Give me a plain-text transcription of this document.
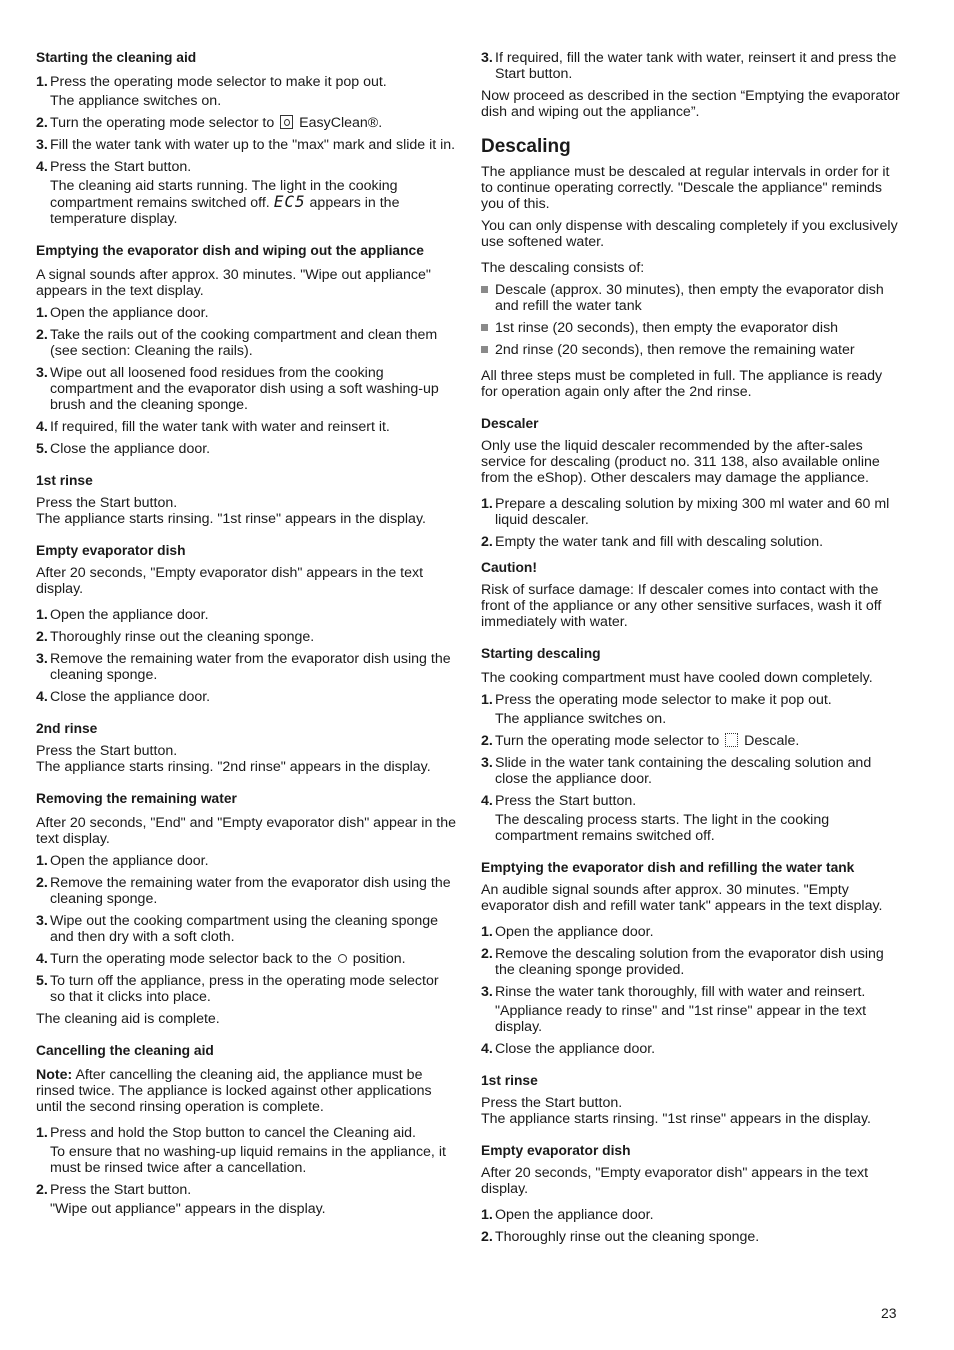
Starting the cleaning aid
1. Press the operating mode selector to make it pop out.
The appliance switches on.
2. Turn the operating mode selector to EasyClean®.
3. Fill the water tank with water up to the "max" mark and slide it in.
4. Press the Start button.
The cleaning aid starts running. The light in the cooking compartment remains switched off. EC5 appears in the temperature display.
Emptying the evaporator dish and wiping out the appliance

A signal sounds after approx. 30 minutes. "Wipe out appliance" appears in the text display.

1. Open the appliance door.
2. Take the rails out of the cooking compartment and clean them (see section: Cleaning the rails).
3. Wipe out all loosened food residues from the cooking compartment and the evaporator dish using a soft washing-up brush and the cleaning sponge.
4. If required, fill the water tank with water and reinsert it.
5. Close the appliance door.
1st rinse
Press the Start button.

The appliance starts rinsing. "1st rinse" appears in the display.

Empty evaporator dish

After 20 seconds, "Empty evaporator dish" appears in the text display.

1. Open the appliance door.
2. Thoroughly rinse out the cleaning sponge.
3. Remove the remaining water from the evaporator dish using the cleaning sponge.
4. Close the appliance door.
2nd rinse
Press the Start button.

The appliance starts rinsing. "2nd rinse" appears in the display.

Removing the remaining water

After 20 seconds, "End" and "Empty evaporator dish" appear in the text display.

1. Open the appliance door.
2. Remove the remaining water from the evaporator dish using the cleaning sponge.
3. Wipe out the cooking compartment using the cleaning sponge and then dry with a soft cloth.
4. Turn the operating mode selector back to the position.
5. To turn off the appliance, press in the operating mode selector so that it clicks into place.

The cleaning aid is complete.

Cancelling the cleaning aid

Note: After cancelling the cleaning aid, the appliance must be rinsed twice. The appliance is locked against other applications until the second rinsing operation is complete.

1. Press and hold the Stop button to cancel the Cleaning aid.
To ensure that no washing-up liquid remains in the appliance, it must be rinsed twice after a cancellation.
2. Press the Start button.
"Wipe out appliance" appears in the display.
3. If required, fill the water tank with water, reinsert it and press the Start button.

Now proceed as described in the section “Emptying the evaporator dish and wiping out the appliance”.

Descaling

The appliance must be descaled at regular intervals in order for it to continue operating correctly. "Descale the appliance" reminds you of this.

You can only dispense with descaling completely if you exclusively use softened water.

The descaling consists of:

Descale (approx. 30 minutes), then empty the evaporator dish and refill the water tank
1st rinse (20 seconds), then empty the evaporator dish
2nd rinse (20 seconds), then remove the remaining water

All three steps must be completed in full. The appliance is ready for operation again only after the 2nd rinse.

Descaler

Only use the liquid descaler recommended by the after-sales service for descaling (product no. 311 138, also available online from the eShop). Other descalers may damage the appliance.

1. Prepare a descaling solution by mixing 300 ml water and 60 ml liquid descaler.
2. Empty the water tank and fill with descaling solution.
Caution!

Risk of surface damage: If descaler comes into contact with the front of the appliance or any other sensitive surfaces, wash it off immediately with water.

Starting descaling

The cooking compartment must have cooled down completely.

1. Press the operating mode selector to make it pop out.
The appliance switches on.
2. Turn the operating mode selector to Descale.
3. Slide in the water tank containing the descaling solution and close the appliance door.
4. Press the Start button.
The descaling process starts. The light in the cooking compartment remains switched off.
Emptying the evaporator dish and refilling the water tank

An audible signal sounds after approx. 30 minutes. "Empty evaporator dish and refill water tank" appears in the text display.

1. Open the appliance door.
2. Remove the descaling solution from the evaporator dish using the cleaning sponge provided.
3. Rinse the water tank thoroughly, fill with water and reinsert.
"Appliance ready to rinse" and "1st rinse" appear in the text display.
4. Close the appliance door.
1st rinse
Press the Start button.

The appliance starts rinsing. "1st rinse" appears in the display.

Empty evaporator dish

After 20 seconds, "Empty evaporator dish" appears in the text display.

1. Open the appliance door.
2. Thoroughly rinse out the cleaning sponge.
23
